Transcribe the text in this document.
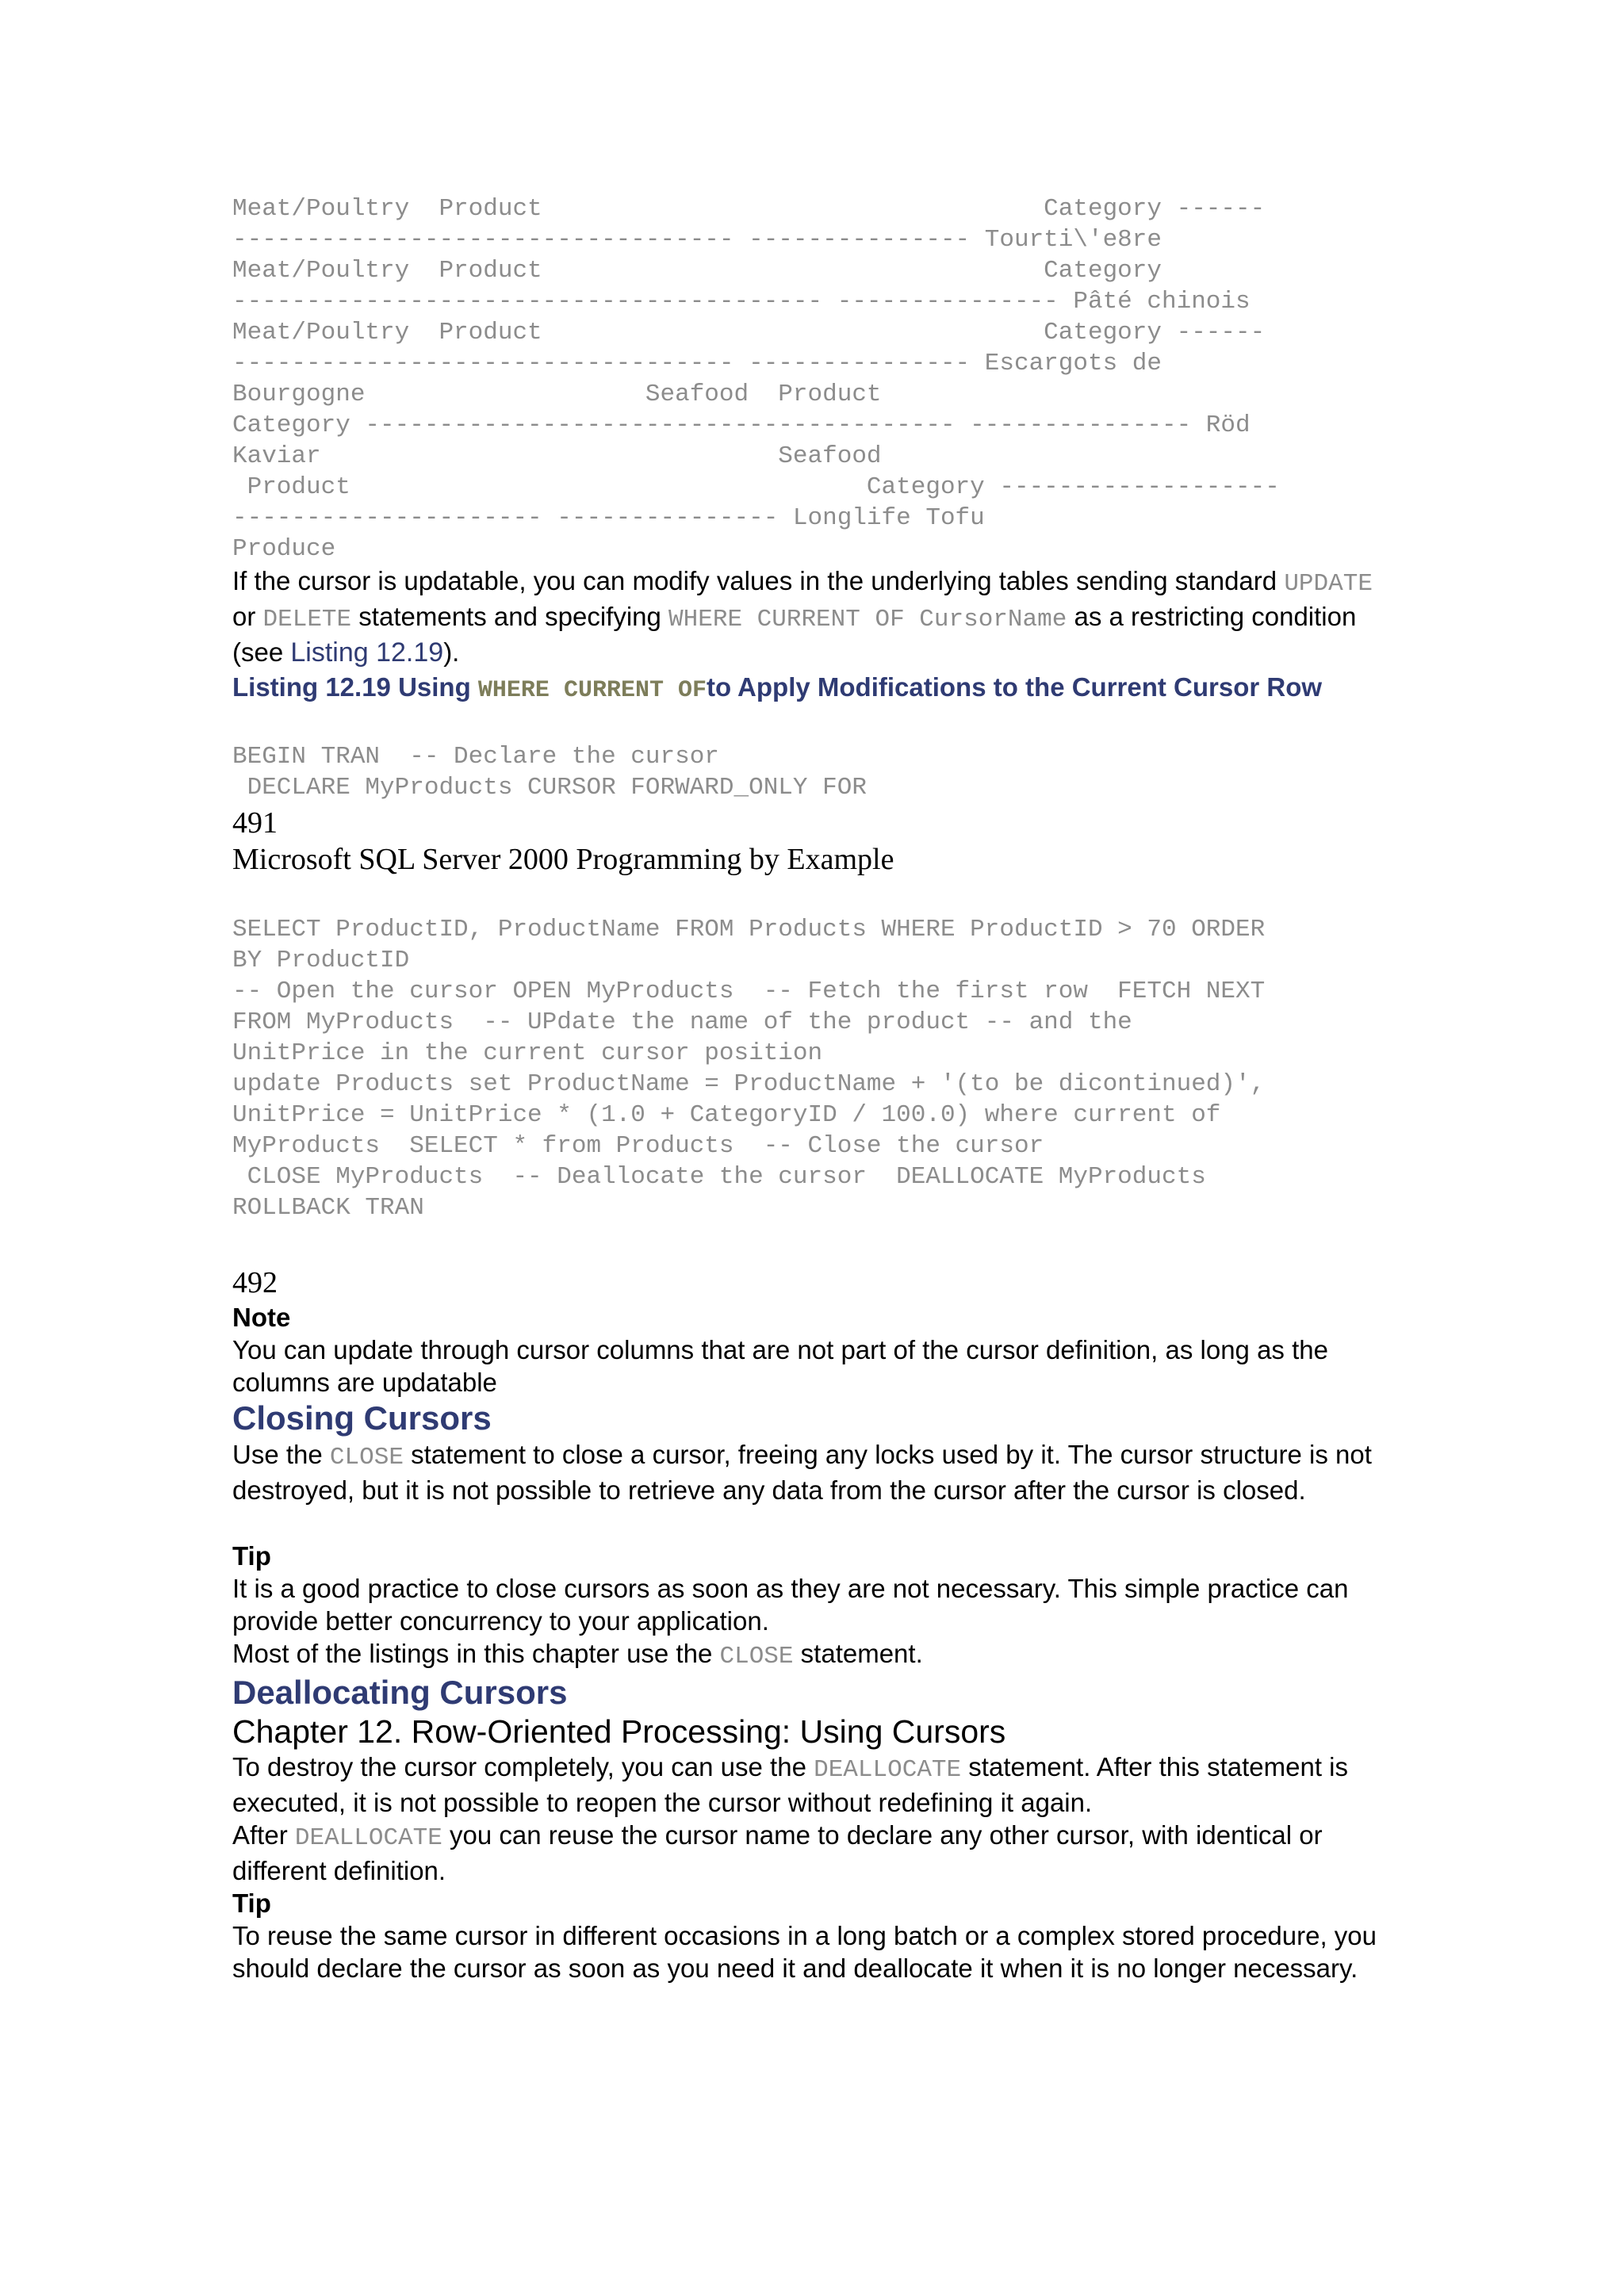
Meat/Poultry  Product                                  Category ------
---------------------------------- --------------- Tourti\'e8re
Meat/Poultry  Product                                  Category
---------------------------------------- --------------- Pâté chinois
Meat/Poultry  Product                                  Category ------
---------------------------------- --------------- Escargots de
Bourgogne                   Seafood  Product
Category ---------------------------------------- --------------- Röd
Kaviar                               Seafood
Product                                   Category -------------------
--------------------- --------------- Longlife Tofu
Produce

If the cursor is updatable, you can modify values in the underlying tables sending standard UPDATE or DELETE statements and specifying WHERE CURRENT OF CursorName as a restricting condition (see Listing 12.19).

Listing 12.19 Using WHERE CURRENT OFto Apply Modifications to the Current Cursor Row

BEGIN TRAN  -- Declare the cursor
DECLARE MyProducts CURSOR FORWARD_ONLY FOR

491

Microsoft SQL Server 2000 Programming by Example

SELECT ProductID, ProductName FROM Products WHERE ProductID > 70 ORDER
BY ProductID
-- Open the cursor OPEN MyProducts  -- Fetch the first row  FETCH NEXT
FROM MyProducts  -- UPdate the name of the product -- and the
UnitPrice in the current cursor position
update Products set ProductName = ProductName + '(to be dicontinued)',
UnitPrice = UnitPrice * (1.0 + CategoryID / 100.0) where current of
MyProducts  SELECT * from Products  -- Close the cursor
CLOSE MyProducts  -- Deallocate the cursor  DEALLOCATE MyProducts
ROLLBACK TRAN

492

Note

You can update through cursor columns that are not part of the cursor definition, as long as the columns are updatable

Closing Cursors

Use the CLOSE statement to close a cursor, freeing any locks used by it. The cursor structure is not destroyed, but it is not possible to retrieve any data from the cursor after the cursor is closed.

Tip

It is a good practice to close cursors as soon as they are not necessary. This simple practice can provide better concurrency to your application.

Most of the listings in this chapter use the CLOSE statement.

Deallocating Cursors

Chapter 12. Row-Oriented Processing: Using Cursors

To destroy the cursor completely, you can use the DEALLOCATE statement. After this statement is executed, it is not possible to reopen the cursor without redefining it again.

After DEALLOCATE you can reuse the cursor name to declare any other cursor, with identical or different definition.

Tip

To reuse the same cursor in different occasions in a long batch or a complex stored procedure, you should declare the cursor as soon as you need it and deallocate it when it is no longer necessary.
